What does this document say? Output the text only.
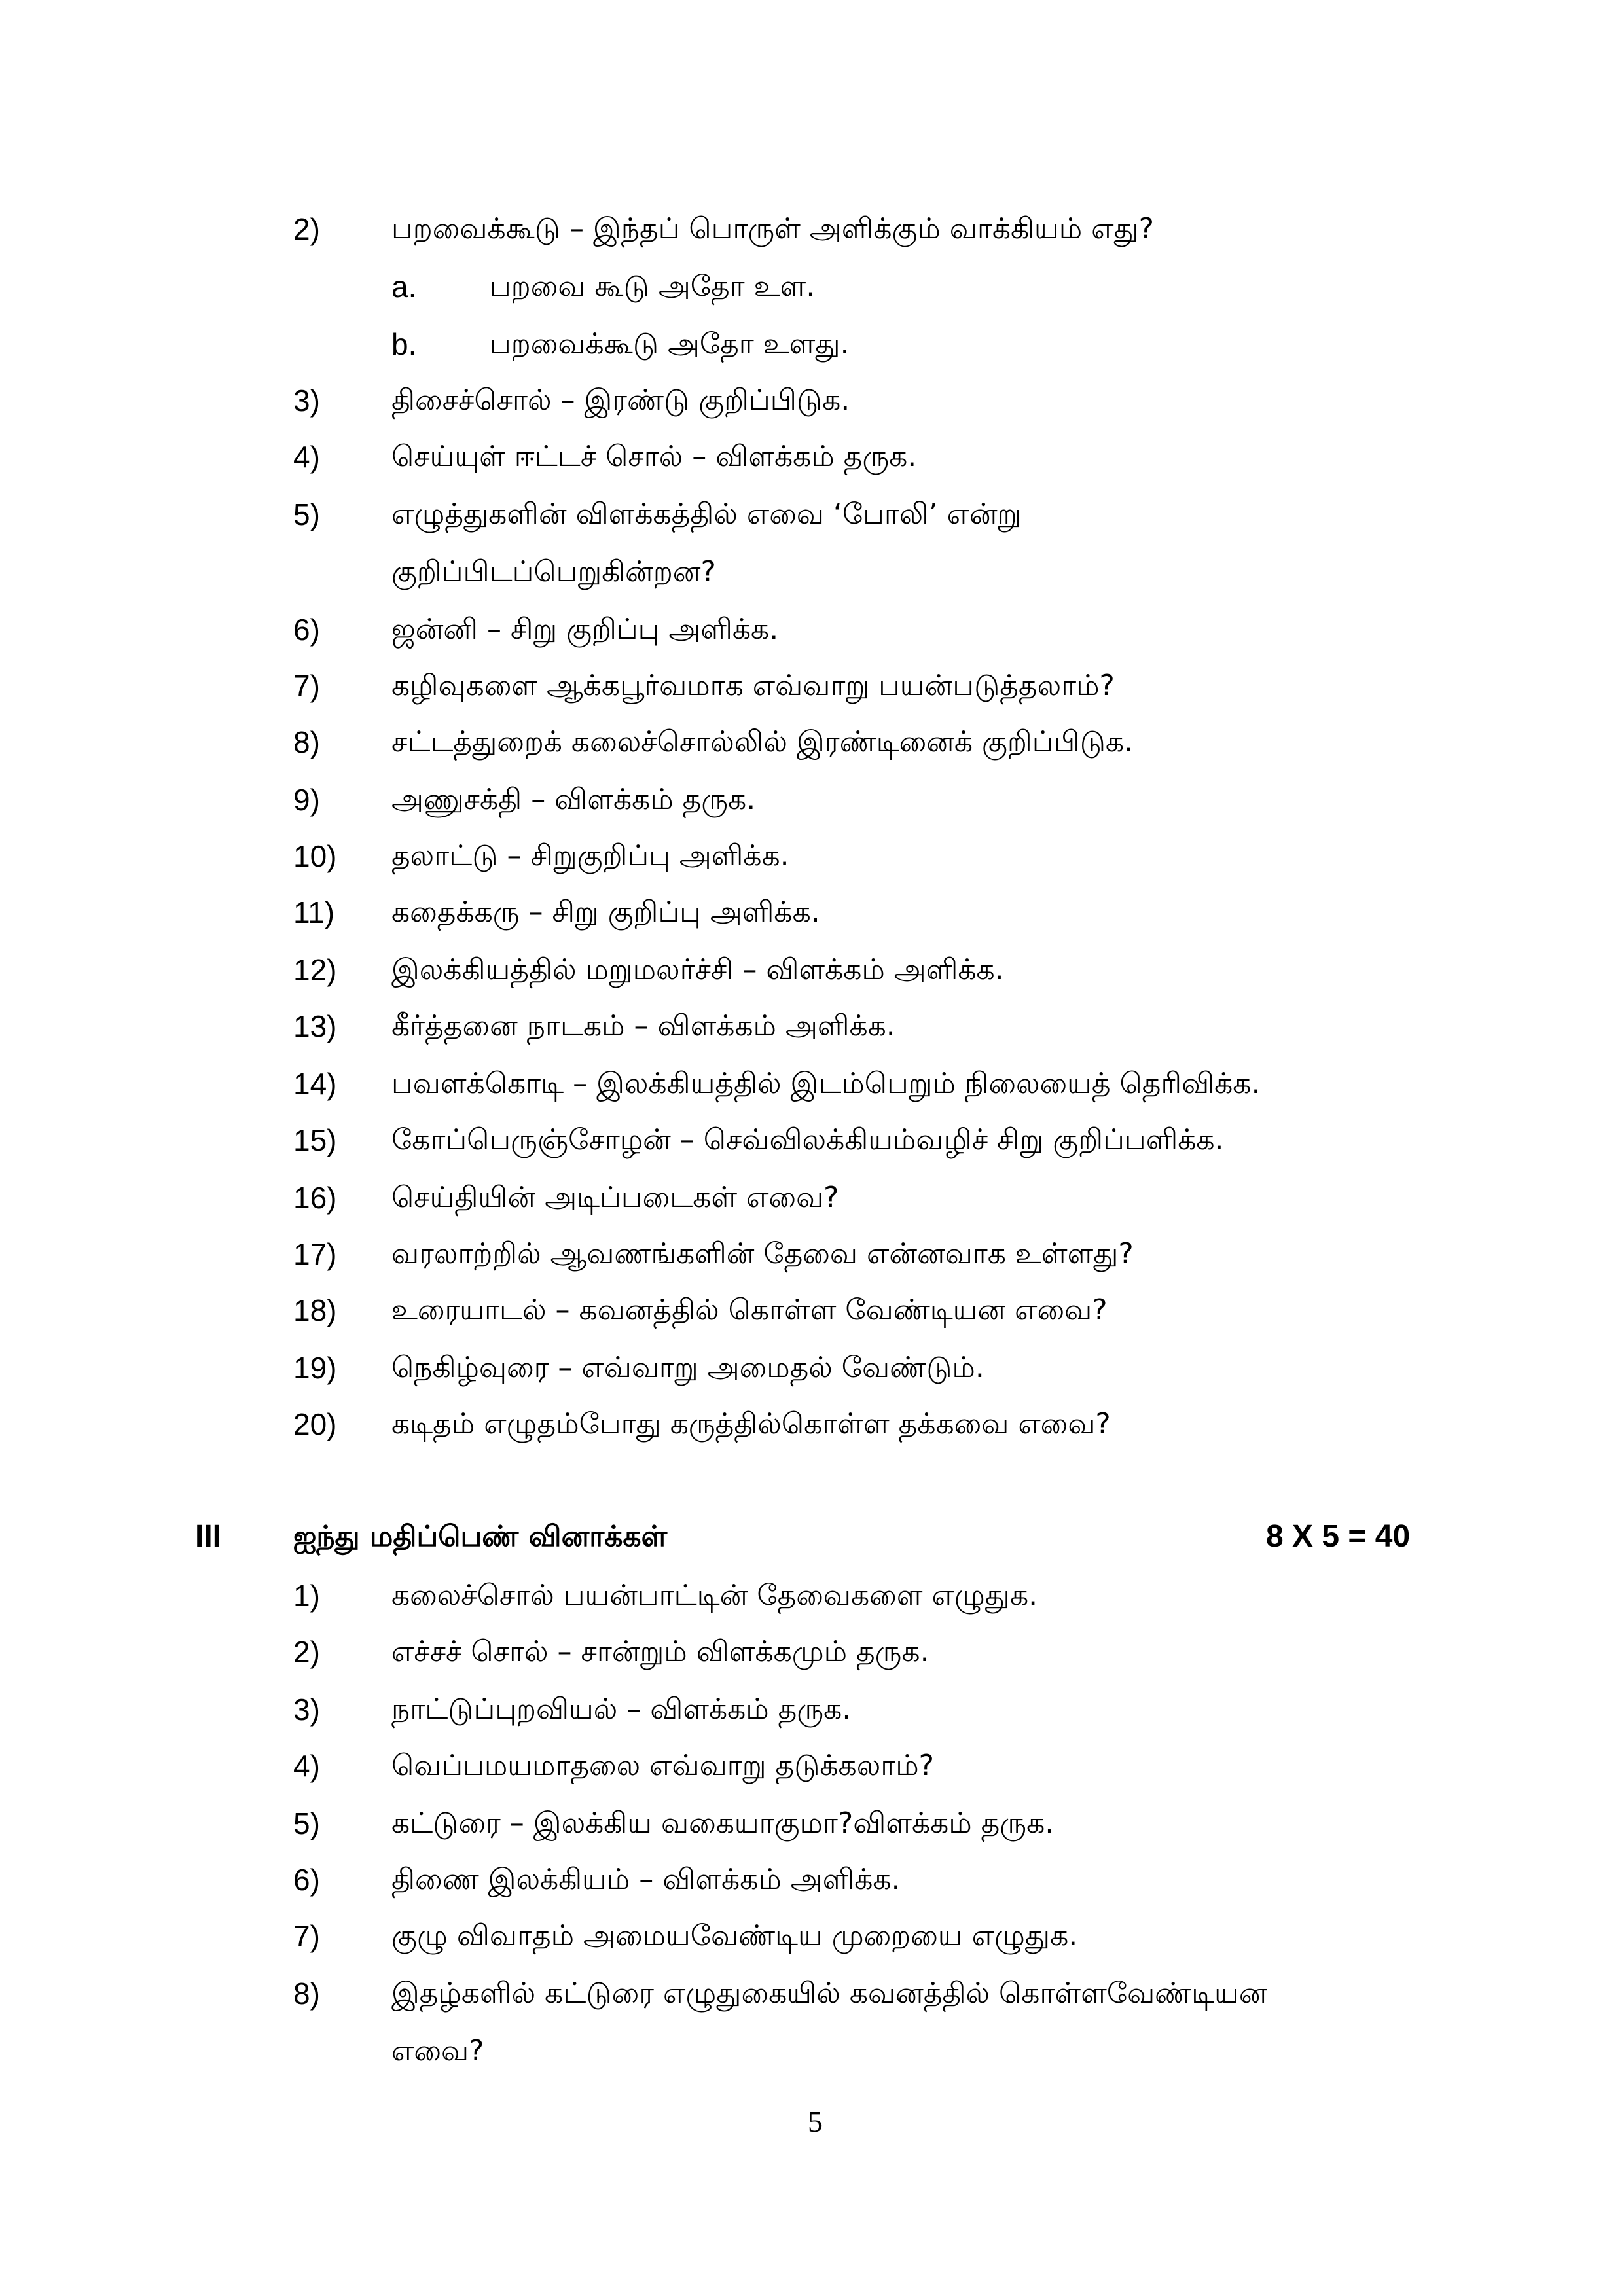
2) பறவைக்கூடு – இந்தப் பொருள் அளிக்கும் வாக்கியம் எது?
a.	பறவை கூடு அதோ உள.
b.	பறவைக்கூடு அதோ உளது.
3) திசைச்சொல் – இரண்டு குறிப்பிடுக.
4) செய்யுள் ஈட்டச் சொல் – விளக்கம் தருக.
5) எழுத்துகளின் விளக்கத்தில் எவை ‘போலி’ என்று
குறிப்பிடப்பெறுகின்றன?
6) ஜன்னி – சிறு குறிப்பு அளிக்க.
7) கழிவுகளை ஆக்கபூர்வமாக எவ்வாறு பயன்படுத்தலாம்?
8) சட்டத்துறைக் கலைச்சொல்லில் இரண்டினைக் குறிப்பிடுக.
9) அணுசக்தி – விளக்கம் தருக.
10) தலாட்டு – சிறுகுறிப்பு அளிக்க.
11) கதைக்கரு – சிறு குறிப்பு அளிக்க.
12) இலக்கியத்தில் மறுமலர்ச்சி – விளக்கம் அளிக்க.
13) கீர்த்தனை நாடகம் – விளக்கம் அளிக்க.
14) பவளக்கொடி – இலக்கியத்தில் இடம்பெறும் நிலையைத் தெரிவிக்க.
15) கோப்பெருஞ்சோழன் – செவ்விலக்கியம்வழிச் சிறு குறிப்பளிக்க.
16) செய்தியின் அடிப்படைகள் எவை?
17) வரலாற்றில் ஆவணங்களின் தேவை என்னவாக உள்ளது?
18) உரையாடல் – கவனத்தில் கொள்ள வேண்டியன எவை?
19) நெகிழ்வுரை – எவ்வாறு அமைதல் வேண்டும்.
20) கடிதம் எழுதம்போது கருத்தில்கொள்ள தக்கவை எவை?
III ஐந்து மதிப்பெண் வினாக்கள்	8 X 5 = 40
1) கலைச்சொல் பயன்பாட்டின் தேவைகளை எழுதுக.
2) எச்சச் சொல் – சான்றும் விளக்கமும் தருக.
3) நாட்டுப்புறவியல் – விளக்கம் தருக.
4) வெப்பமயமாதலை எவ்வாறு தடுக்கலாம்?
5) கட்டுரை – இலக்கிய வகையாகுமா?விளக்கம் தருக.
6) திணை இலக்கியம் – விளக்கம் அளிக்க.
7) குழு விவாதம் அமையவேண்டிய முறையை எழுதுக.
8) இதழ்களில் கட்டுரை எழுதுகையில் கவனத்தில் கொள்ளவேண்டியன
எவை?
5
